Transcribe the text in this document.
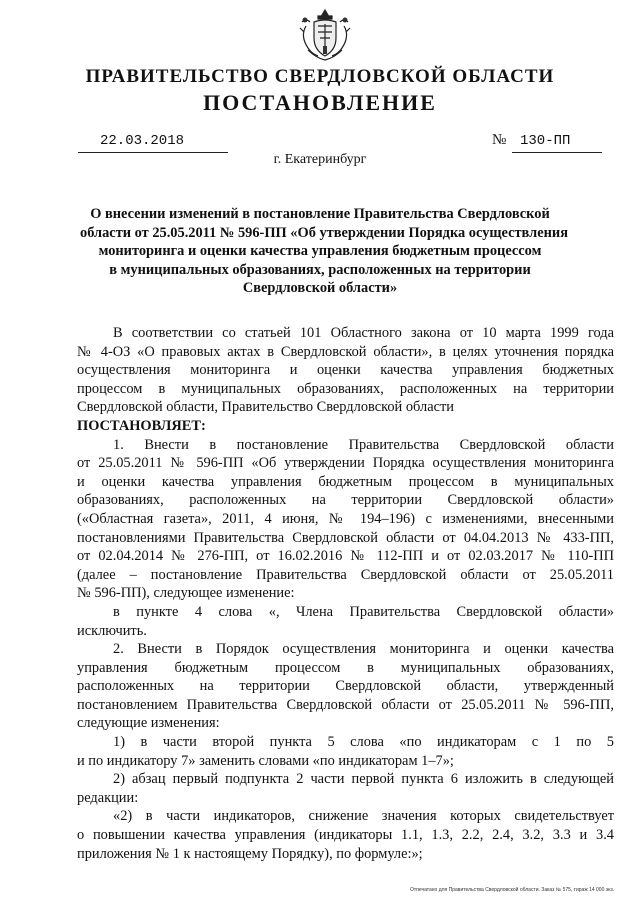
ПРАВИТЕЛЬСТВО СВЕРДЛОВСКОЙ ОБЛАСТИ
ПОСТАНОВЛЕНИЕ
22.03.2018	№ 130-ПП
г. Екатеринбург
О внесении изменений в постановление Правительства Свердловской
области от 25.05.2011 № 596-ПП «Об утверждении Порядка осуществления
мониторинга и оценки качества управления бюджетным процессом
в муниципальных образованиях, расположенных на территории
Свердловской области»
В соответствии со статьей 101 Областного закона от 10 марта 1999 года
№ 4-ОЗ «О правовых актах в Свердловской области», в целях уточнения порядка
осуществления мониторинга и оценки качества управления бюджетных
процессом в муниципальных образованиях, расположенных на территории
Свердловской области, Правительство Свердловской области
ПОСТАНОВЛЯЕТ:
1. Внести в постановление Правительства Свердловской области
от 25.05.2011 № 596-ПП «Об утверждении Порядка осуществления мониторинга
и оценки качества управления бюджетным процессом в муниципальных
образованиях, расположенных на территории Свердловской области»
(«Областная газета», 2011, 4 июня, № 194–196) с изменениями, внесенными
постановлениями Правительства Свердловской области от 04.04.2013 № 433-ПП,
от 02.04.2014 № 276-ПП, от 16.02.2016 № 112-ПП и от 02.03.2017 № 110-ПП
(далее – постановление Правительства Свердловской области от 25.05.2011
№ 596-ПП), следующее изменение:
в пункте 4 слова «, Члена Правительства Свердловской области»
исключить.
2. Внести в Порядок осуществления мониторинга и оценки качества
управления бюджетным процессом в муниципальных образованиях,
расположенных на территории Свердловской области, утвержденный
постановлением Правительства Свердловской области от 25.05.2011 № 596-ПП,
следующие изменения:
1) в части второй пункта 5 слова «по индикаторам с 1 по 5
и по индикатору 7» заменить словами «по индикаторам 1–7»;
2) абзац первый подпункта 2 части первой пункта 6 изложить в следующей
редакции:
«2) в части индикаторов, снижение значения которых свидетельствует
о повышении качества управления (индикаторы 1.1, 1.3, 2.2, 2.4, 3.2, 3.3 и 3.4
приложения № 1 к настоящему Порядку), по формуле:»;
Отпечатано для Правительства Свердловской области. Заказ № 575, тираж 14 000 экз.
